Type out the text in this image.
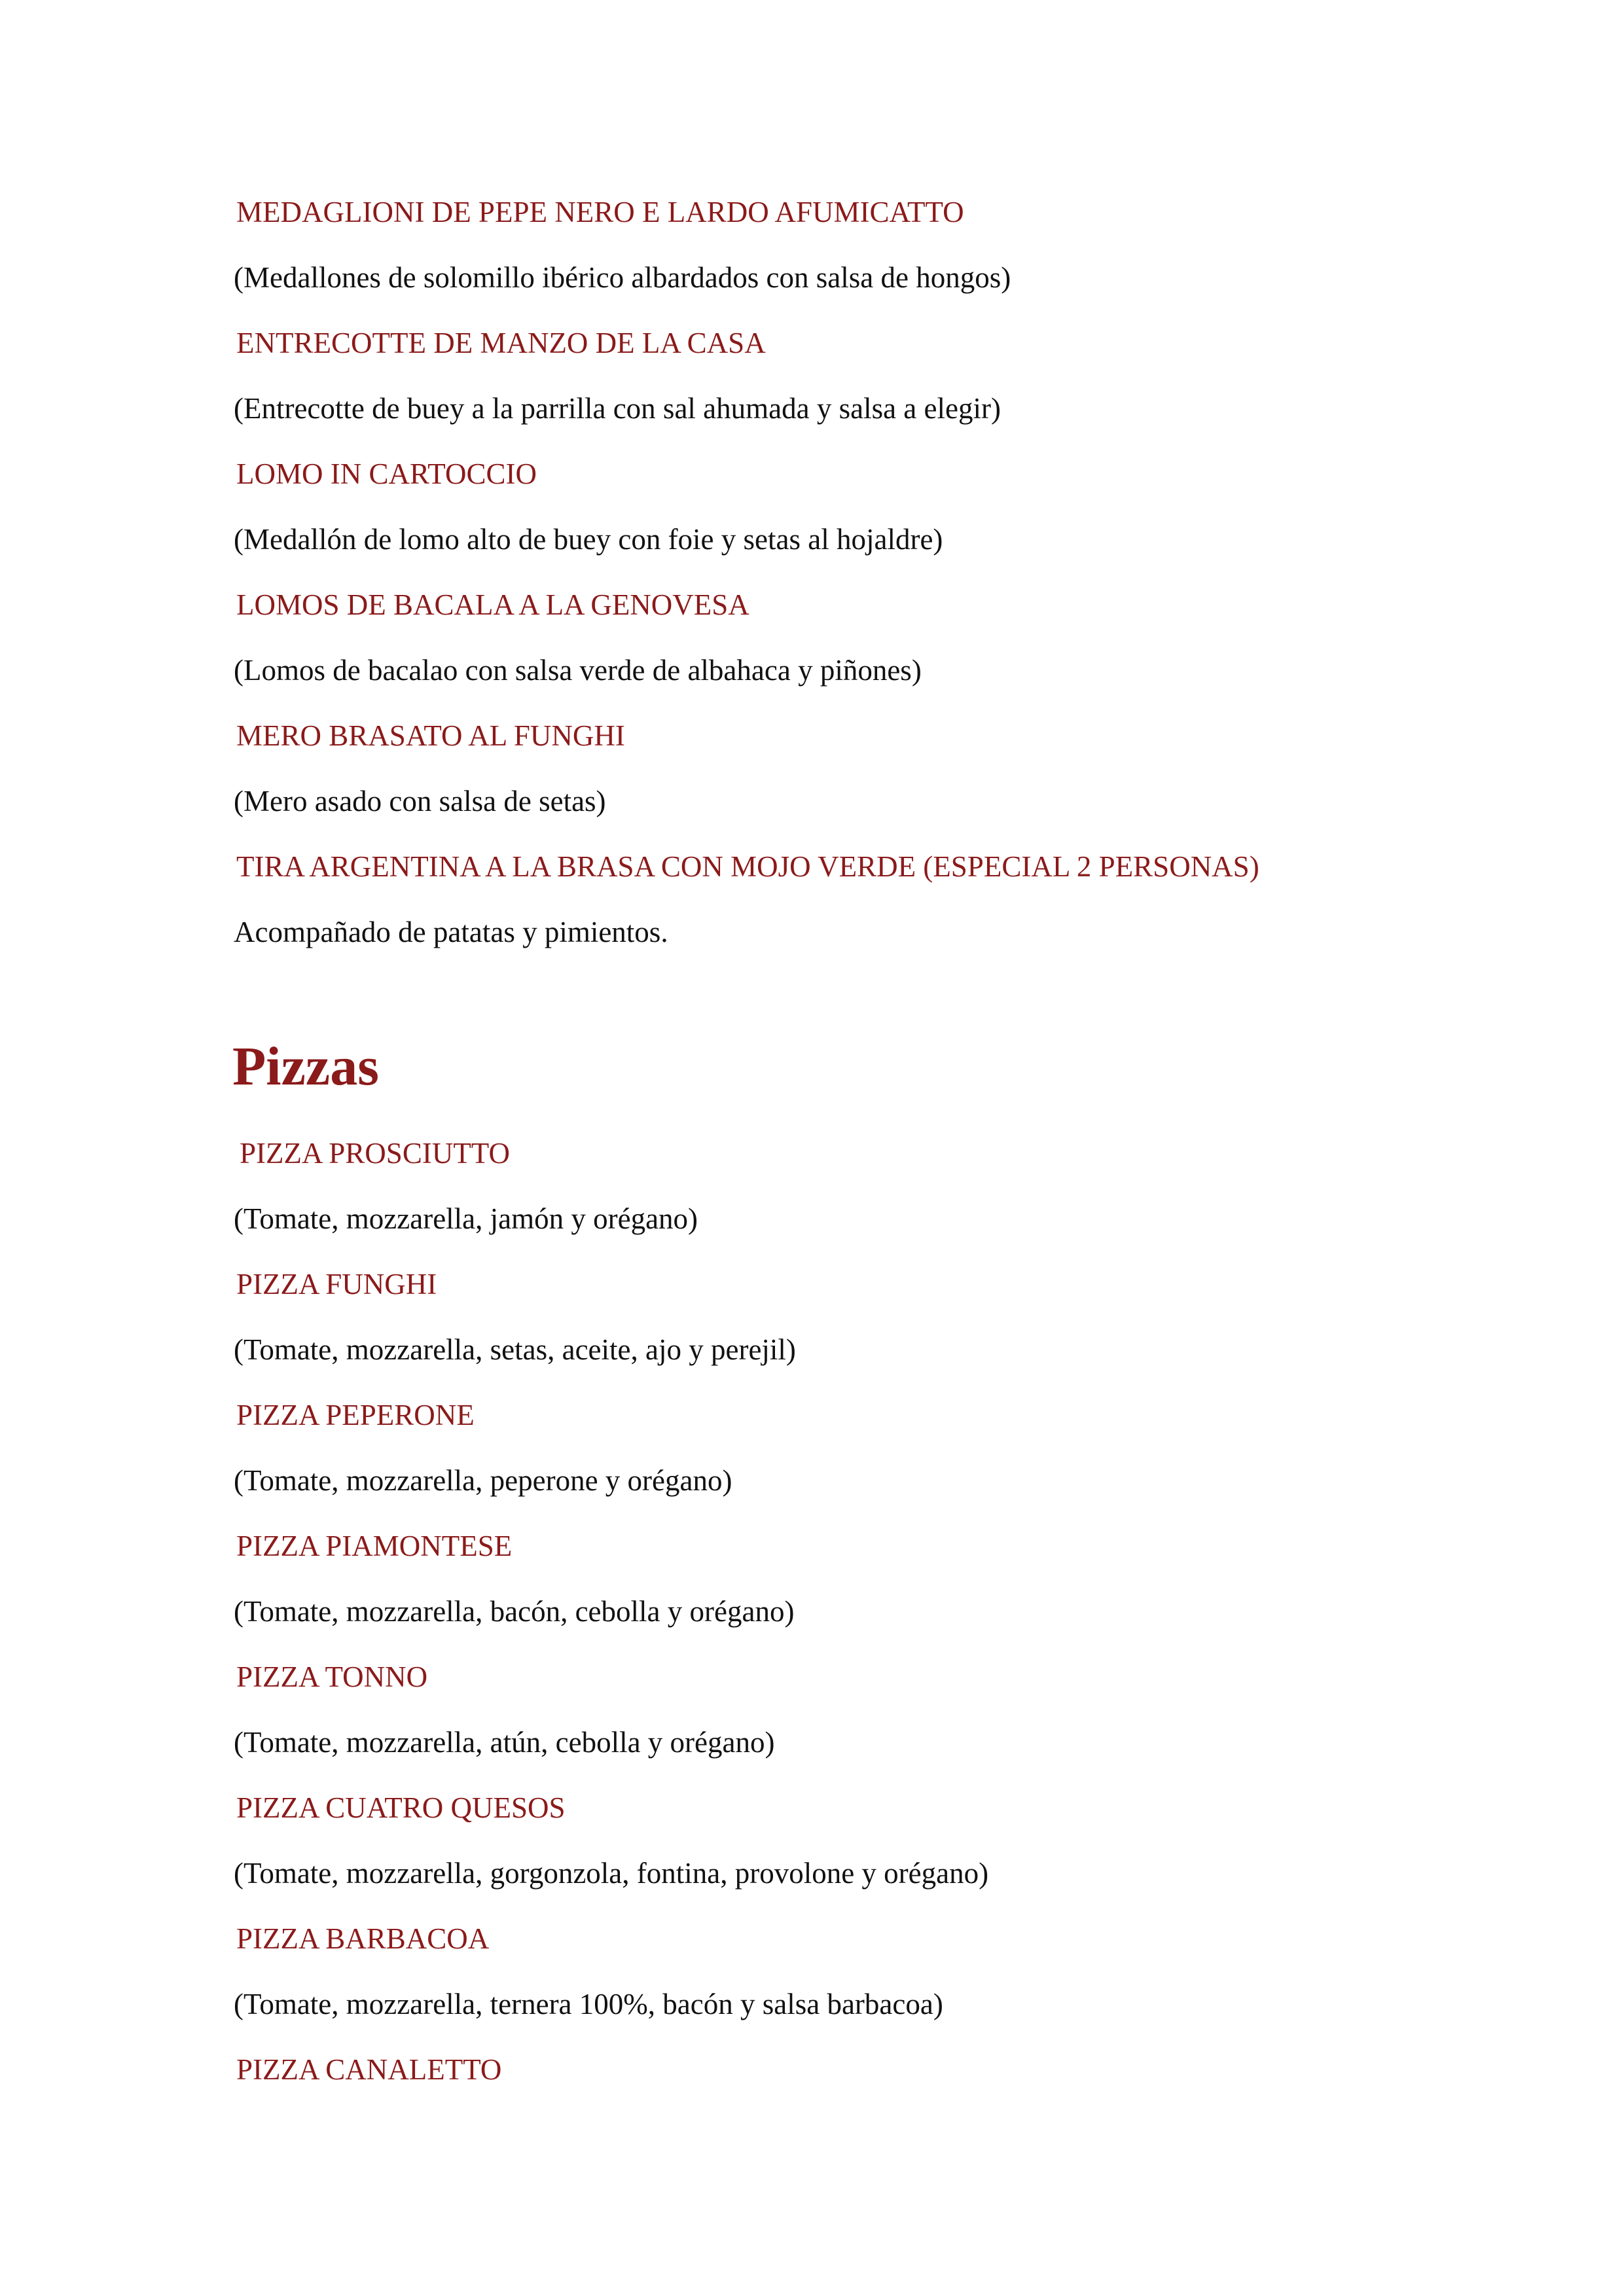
MEDAGLIONI DE PEPE NERO E LARDO AFUMICATTO

(Medallones de solomillo ibérico albardados con salsa de hongos)

ENTRECOTTE DE MANZO DE LA CASA

(Entrecotte de buey a la parrilla con sal ahumada y salsa a elegir)

LOMO IN CARTOCCIO

(Medallón de lomo alto de buey con foie y setas al hojaldre)

LOMOS DE BACALA A LA GENOVESA

(Lomos de bacalao con salsa verde de albahaca y piñones)

MERO BRASATO AL FUNGHI

(Mero asado con salsa de setas)

TIRA ARGENTINA A LA BRASA CON MOJO VERDE (ESPECIAL 2 PERSONAS)

Acompañado de patatas y pimientos.

Pizzas

PIZZA PROSCIUTTO

(Tomate, mozzarella, jamón y orégano)

PIZZA FUNGHI

(Tomate, mozzarella, setas, aceite, ajo y perejil)

PIZZA PEPERONE

(Tomate, mozzarella, peperone y orégano)

PIZZA PIAMONTESE

(Tomate, mozzarella, bacón, cebolla y orégano)

PIZZA TONNO

(Tomate, mozzarella, atún, cebolla y orégano)

PIZZA CUATRO QUESOS

(Tomate, mozzarella, gorgonzola, fontina, provolone y orégano)

PIZZA BARBACOA

(Tomate, mozzarella, ternera 100%, bacón y salsa barbacoa)

PIZZA CANALETTO
